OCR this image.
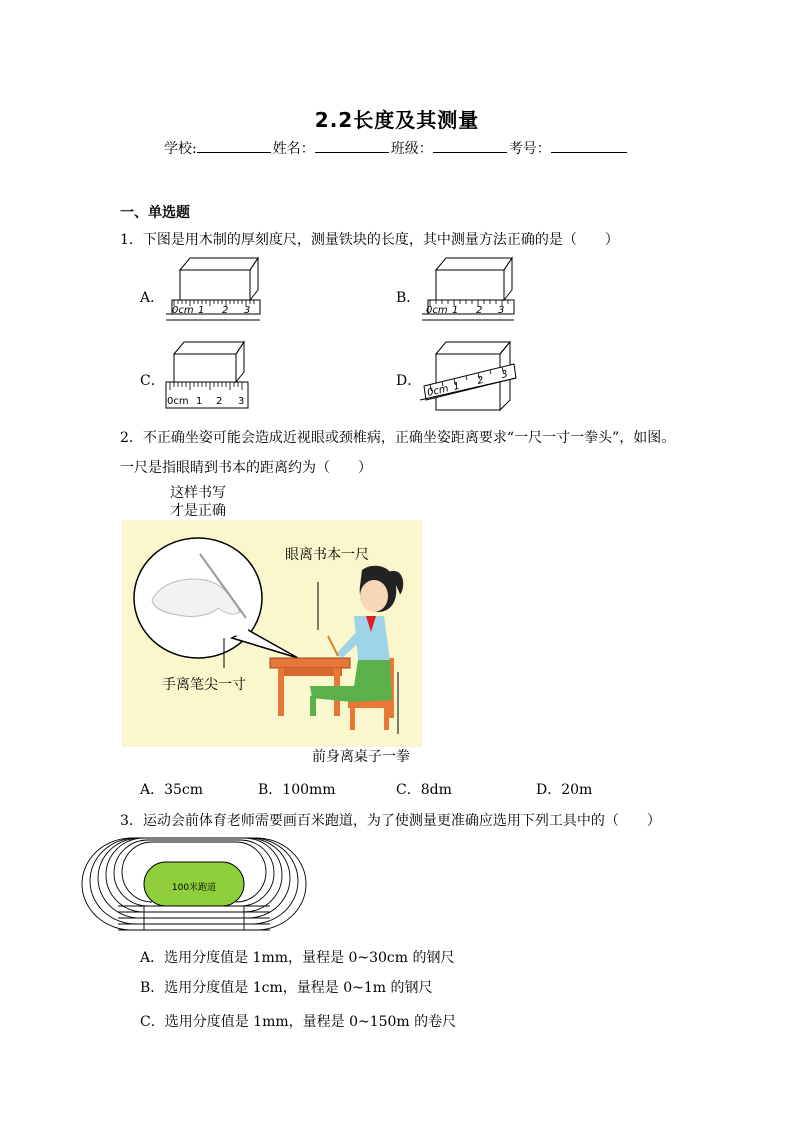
2.2长度及其测量
学校:	姓名：	班级：	考号：
一、单选题
1．下图是用木制的厚刻度尺，测量铁块的长度，其中测量方法正确的是（　　）
A．	B．
C．	D．
0cm 1 2 3	0cm 1 2 3
0cm 1 2 3
0cm 1 2 3
2．不正确坐姿可能会造成近视眼或颈椎病，正确坐姿距离要求“一尺一寸一拳头”，如图。
一尺是指眼睛到书本的距离约为（　　）
这样书写
才是正确
眼离书本一尺
手离笔尖一寸
前身离桌子一拳
A．35cm	B．100mm	C．8dm	D．20m
3．运动会前体育老师需要画百米跑道，为了使测量更准确应选用下列工具中的（　　）
100米跑道
A．选用分度值是 1mm，量程是 0~30cm 的钢尺
B．选用分度值是 1cm，量程是 0~1m 的钢尺
C．选用分度值是 1mm，量程是 0~150m 的卷尺
